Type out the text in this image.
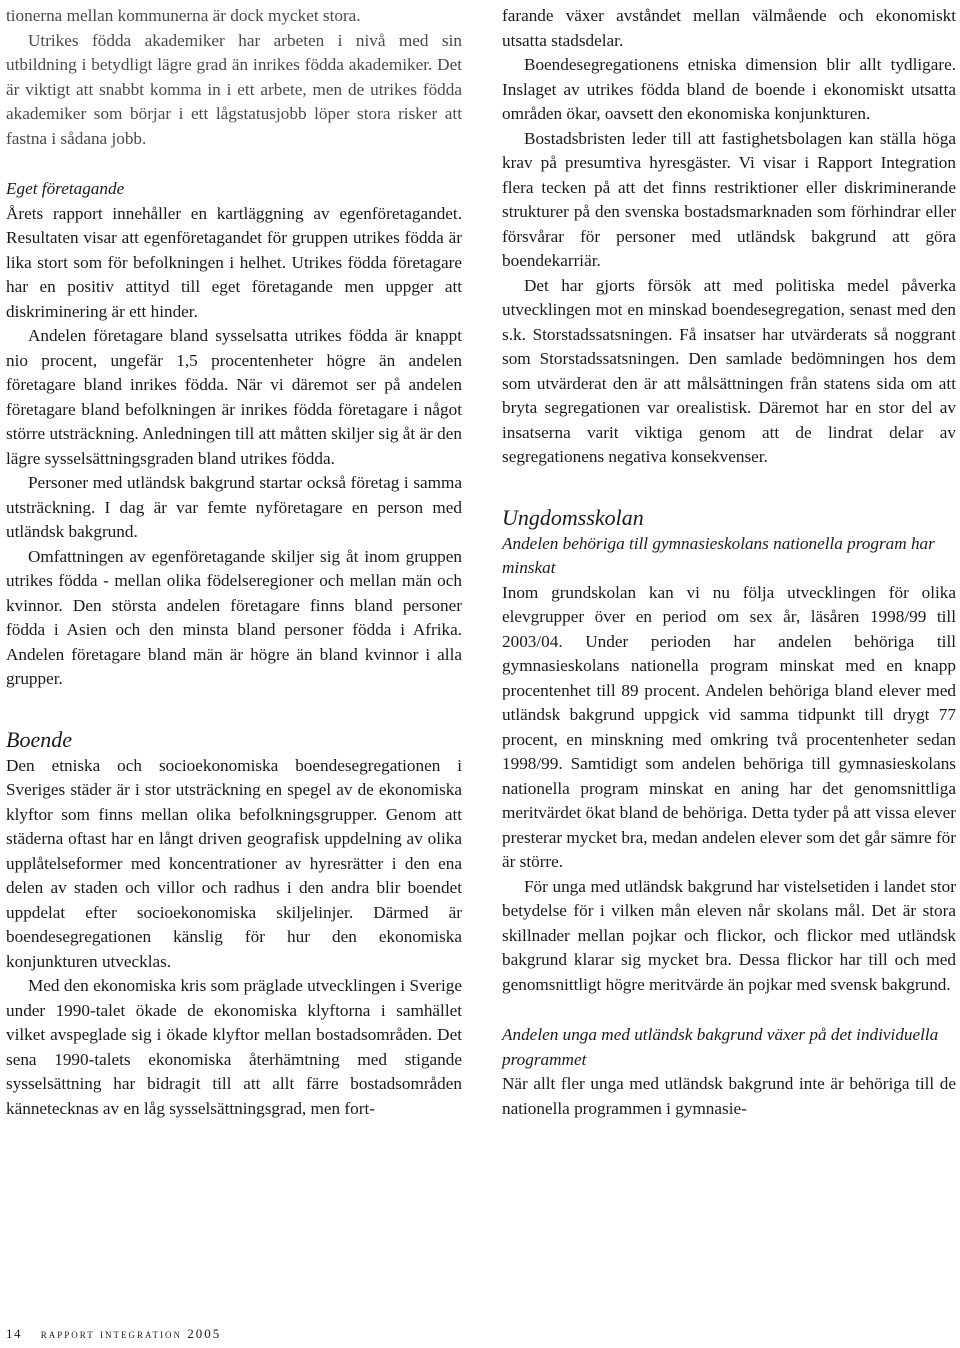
tionerna mellan kommunerna är dock mycket stora.

Utrikes födda akademiker har arbeten i nivå med sin utbildning i betydligt lägre grad än inrikes födda akademiker. Det är viktigt att snabbt komma in i ett arbete, men de utrikes födda akademiker som börjar i ett lågstatusjobb löper stora risker att fastna i sådana jobb.

Eget företagande

Årets rapport innehåller en kartläggning av egenföretagandet. Resultaten visar att egenföretagandet för gruppen utrikes födda är lika stort som för befolkningen i helhet. Utrikes födda företagare har en positiv attityd till eget företagande men uppger att diskriminering är ett hinder.

Andelen företagare bland sysselsatta utrikes födda är knappt nio procent, ungefär 1,5 procentenheter högre än andelen företagare bland inrikes födda. När vi däremot ser på andelen företagare bland befolkningen är inrikes födda företagare i något större utsträckning. Anledningen till att måtten skiljer sig åt är den lägre sysselsättningsgraden bland utrikes födda.

Personer med utländsk bakgrund startar också företag i samma utsträckning. I dag är var femte nyföretagare en person med utländsk bakgrund.

Omfattningen av egenföretagande skiljer sig åt inom gruppen utrikes födda - mellan olika födelseregioner och mellan män och kvinnor. Den största andelen företagare finns bland personer födda i Asien och den minsta bland personer födda i Afrika. Andelen företagare bland män är högre än bland kvinnor i alla grupper.

Boende

Den etniska och socioekonomiska boendesegregationen i Sveriges städer är i stor utsträckning en spegel av de ekonomiska klyftor som finns mellan olika befolkningsgrupper. Genom att städerna oftast har en långt driven geografisk uppdelning av olika upplåtelseformer med koncentrationer av hyresrätter i den ena delen av staden och villor och radhus i den andra blir boendet uppdelat efter socioekonomiska skiljelinjer. Därmed är boendesegregationen känslig för hur den ekonomiska konjunkturen utvecklas.

Med den ekonomiska kris som präglade utvecklingen i Sverige under 1990-talet ökade de ekonomiska klyftorna i samhället vilket avspeglade sig i ökade klyftor mellan bostadsområden. Det sena 1990-talets ekonomiska återhämtning med stigande sysselsättning har bidragit till att allt färre bostadsområden kännetecknas av en låg sysselsättningsgrad, men fort-

farande växer avståndet mellan välmående och ekonomiskt utsatta stadsdelar.

Boendesegregationens etniska dimension blir allt tydligare. Inslaget av utrikes födda bland de boende i ekonomiskt utsatta områden ökar, oavsett den ekonomiska konjunkturen.

Bostadsbristen leder till att fastighetsbolagen kan ställa höga krav på presumtiva hyresgäster. Vi visar i Rapport Integration flera tecken på att det finns restriktioner eller diskriminerande strukturer på den svenska bostadsmarknaden som förhindrar eller försvårar för personer med utländsk bakgrund att göra boendekarriär.

Det har gjorts försök att med politiska medel påverka utvecklingen mot en minskad boendesegregation, senast med den s.k. Storstadssatsningen. Få insatser har utvärderats så noggrant som Storstadssatsningen. Den samlade bedömningen hos dem som utvärderat den är att målsättningen från statens sida om att bryta segregationen var orealistisk. Däremot har en stor del av insatserna varit viktiga genom att de lindrat delar av segregationens negativa konsekvenser.

Ungdomsskolan
Andelen behöriga till gymnasieskolans nationella program har minskat

Inom grundskolan kan vi nu följa utvecklingen för olika elevgrupper över en period om sex år, läsåren 1998/99 till 2003/04. Under perioden har andelen behöriga till gymnasieskolans nationella program minskat med en knapp procentenhet till 89 procent. Andelen behöriga bland elever med utländsk bakgrund uppgick vid samma tidpunkt till drygt 77 procent, en minskning med omkring två procentenheter sedan 1998/99. Samtidigt som andelen behöriga till gymnasieskolans nationella program minskat en aning har det genomsnittliga meritvärdet ökat bland de behöriga. Detta tyder på att vissa elever presterar mycket bra, medan andelen elever som det går sämre för är större.

För unga med utländsk bakgrund har vistelsetiden i landet stor betydelse för i vilken mån eleven når skolans mål. Det är stora skillnader mellan pojkar och flickor, och flickor med utländsk bakgrund klarar sig mycket bra. Dessa flickor har till och med genomsnittligt högre meritvärde än pojkar med svensk bakgrund.

Andelen unga med utländsk bakgrund växer på det individuella programmet

När allt fler unga med utländsk bakgrund inte är behöriga till de nationella programmen i gymnasie-

14 rapport integration 2005
